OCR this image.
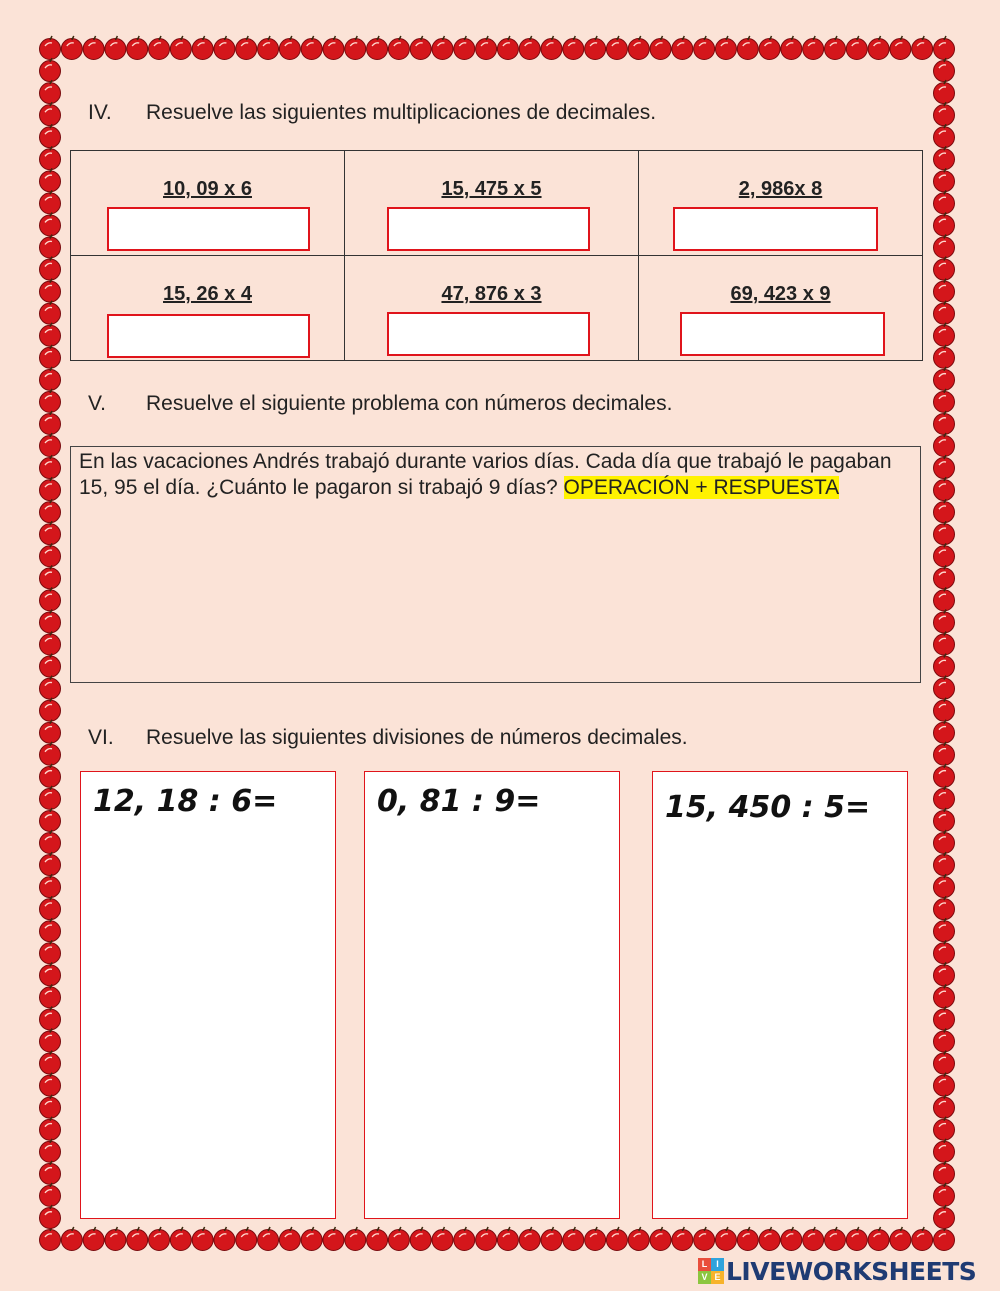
IV. Resuelve las siguientes multiplicaciones de decimales.
10, 09 x 6	15, 475 x 5	2, 986x 8

15, 26 x 4	47, 876 x 3	69, 423 x 9
V. Resuelve el siguiente problema con números decimales.
En las vacaciones Andrés trabajó durante varios días. Cada día que trabajó le pagaban 15, 95 el día. ¿Cuánto le pagaron si trabajó 9 días? OPERACIÓN + RESPUESTA
VI. Resuelve las siguientes divisiones de números decimales.
12, 18 : 6=	0, 81 : 9=	15, 450 : 5=
L I
V E LIVEWORKSHEETS
